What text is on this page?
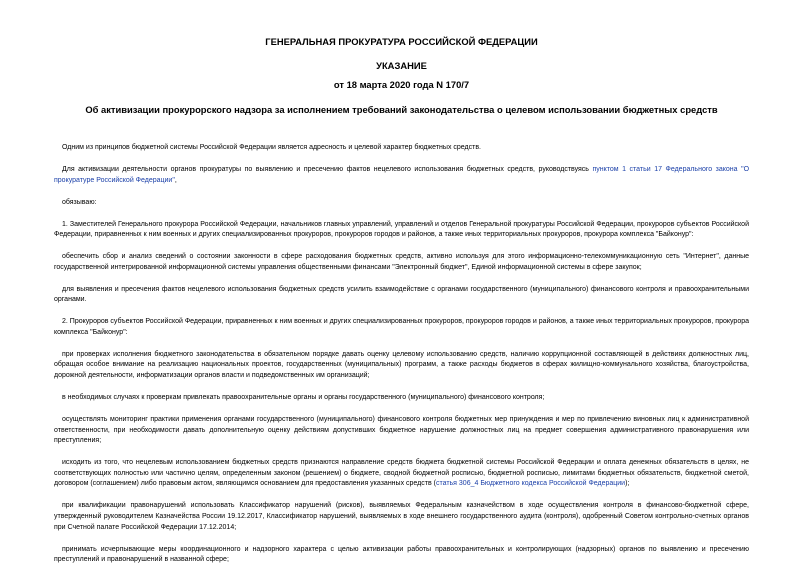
ГЕНЕРАЛЬНАЯ ПРОКУРАТУРА РОССИЙСКОЙ ФЕДЕРАЦИИ
УКАЗАНИЕ
от 18 марта 2020 года N 170/7
Об активизации прокурорского надзора за исполнением требований законодательства о целевом использовании бюджетных средств

Одним из принципов бюджетной системы Российской Федерации является адресность и целевой характер бюджетных средств.

Для активизации деятельности органов прокуратуры по выявлению и пресечению фактов нецелевого использования бюджетных средств, руководствуясь пунктом 1 статьи 17 Федерального закона "О прокуратуре Российской Федерации",

обязываю:

1. Заместителей Генерального прокурора Российской Федерации, начальников главных управлений, управлений и отделов Генеральной прокуратуры Российской Федерации, прокуроров субъектов Российской Федерации, приравненных к ним военных и других специализированных прокуроров, прокуроров городов и районов, а также иных территориальных прокуроров, прокурора комплекса "Байконур":

обеспечить сбор и анализ сведений о состоянии законности в сфере расходования бюджетных средств, активно используя для этого информационно-телекоммуникационную сеть "Интернет", данные государственной интегрированной информационной системы управления общественными финансами "Электронный бюджет", Единой информационной системы в сфере закупок;

для выявления и пресечения фактов нецелевого использования бюджетных средств усилить взаимодействие с органами государственного (муниципального) финансового контроля и правоохранительными органами.

2. Прокуроров субъектов Российской Федерации, приравненных к ним военных и других специализированных прокуроров, прокуроров городов и районов, а также иных территориальных прокуроров, прокурора комплекса "Байконур":

при проверках исполнения бюджетного законодательства в обязательном порядке давать оценку целевому использованию средств, наличию коррупционной составляющей в действиях должностных лиц, обращая особое внимание на реализацию национальных проектов, государственных (муниципальных) программ, а также расходы бюджетов в сферах жилищно-коммунального хозяйства, благоустройства, дорожной деятельности, информатизации органов власти и подведомственных им организаций;

в необходимых случаях к проверкам привлекать правоохранительные органы и органы государственного (муниципального) финансового контроля;

осуществлять мониторинг практики применения органами государственного (муниципального) финансового контроля бюджетных мер принуждения и мер по привлечению виновных лиц к административной ответственности, при необходимости давать дополнительную оценку действиям допустивших бюджетное нарушение должностных лиц на предмет совершения административного правонарушения или преступления;

исходить из того, что нецелевым использованием бюджетных средств признаются направление средств бюджета бюджетной системы Российской Федерации и оплата денежных обязательств в целях, не соответствующих полностью или частично целям, определенным законом (решением) о бюджете, сводной бюджетной росписью, бюджетной росписью, лимитами бюджетных обязательств, бюджетной сметой, договором (соглашением) либо правовым актом, являющимся основанием для предоставления указанных средств (статья 306_4 Бюджетного кодекса Российской Федерации);

при квалификации правонарушений использовать Классификатор нарушений (рисков), выявляемых Федеральным казначейством в ходе осуществления контроля в финансово-бюджетной сфере, утвержденный руководителем Казначейства России 19.12.2017, Классификатор нарушений, выявляемых в ходе внешнего государственного аудита (контроля), одобренный Советом контрольно-счетных органов при Счетной палате Российской Федерации 17.12.2014;

принимать исчерпывающие меры координационного и надзорного характера с целью активизации работы правоохранительных и контролирующих (надзорных) органов по выявлению и пресечению преступлений и правонарушений в названной сфере;
